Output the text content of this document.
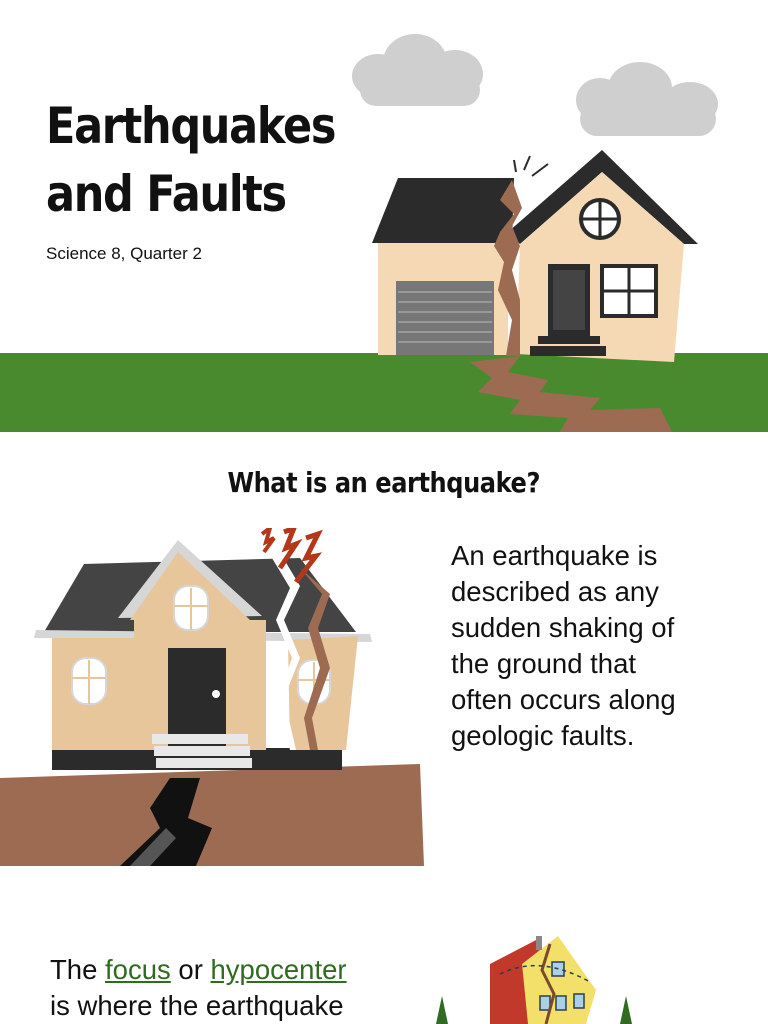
Earthquakes
and Faults
Science 8, Quarter 2
What is an earthquake?
An earthquake is
described as any
sudden shaking of
the ground that
often occurs along
geologic faults.
The focus or hypocenter
is where the earthquake
